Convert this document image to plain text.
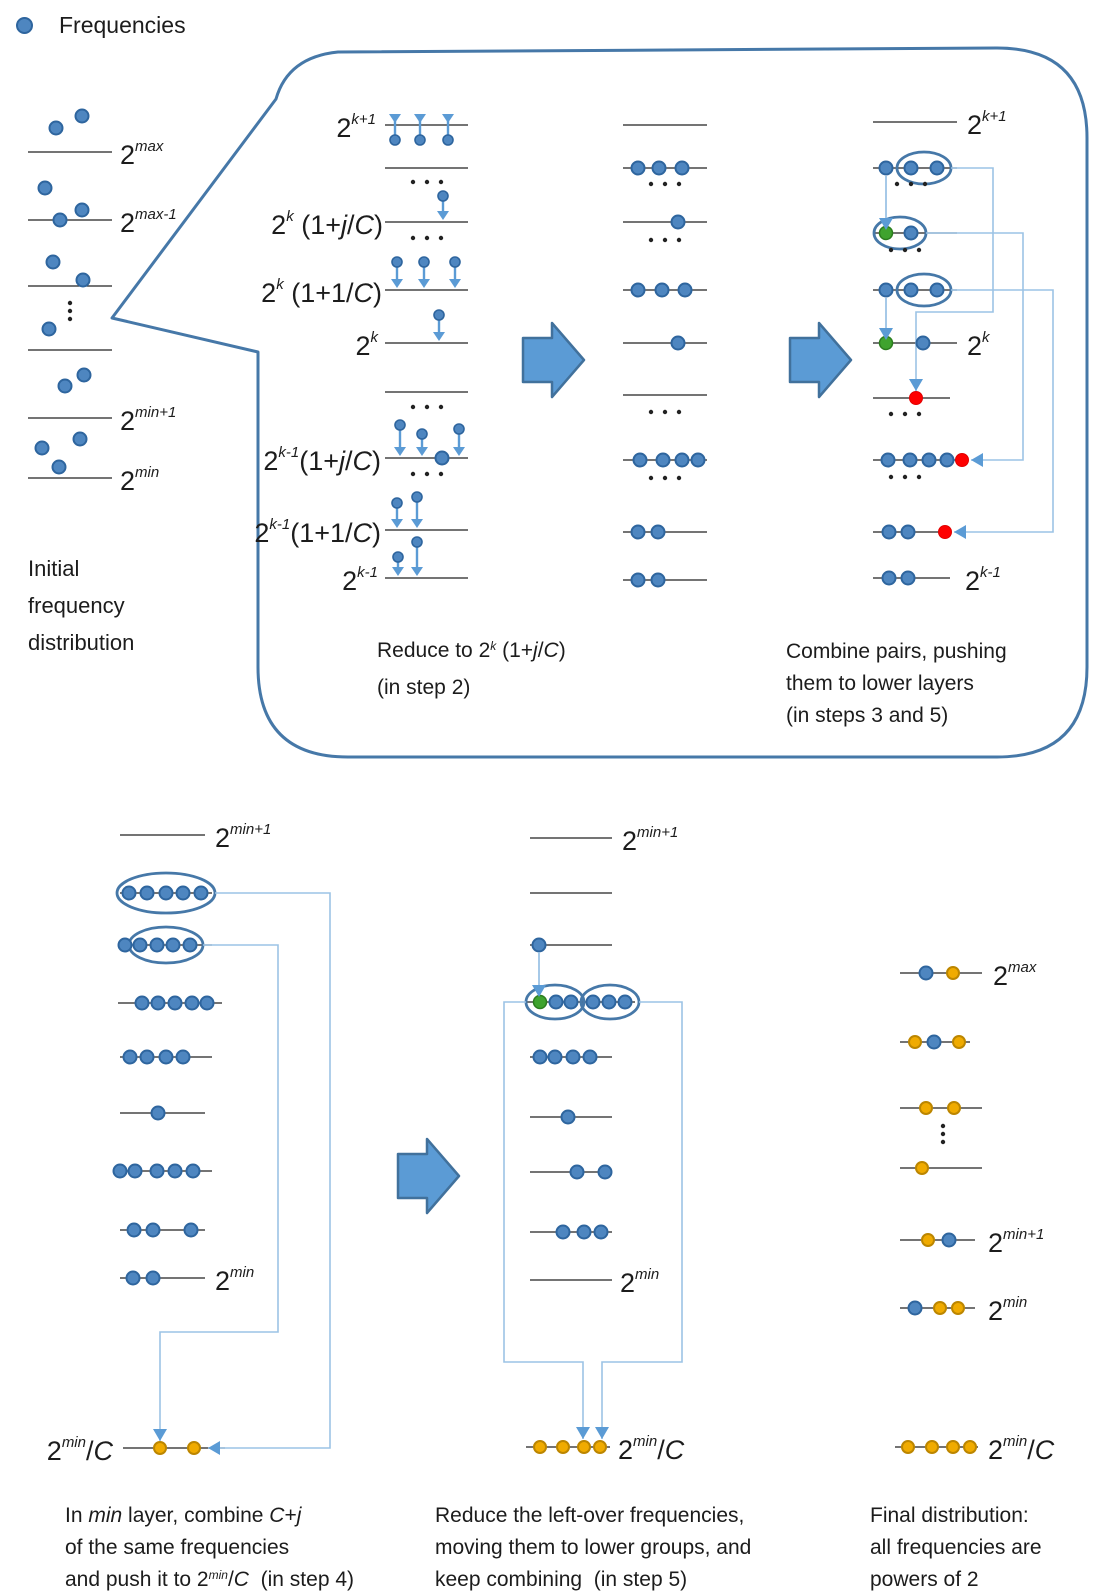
Frequencies
$2^{max}$
$2^{max-1}$
$2^{min+1}$
$2^{min}$
$2^{k+1}$
2$^k$ (1+j/C)
2$^k$ (1+1/C)
2$^k$
$2^{k-1}(1+j/C)$
$2^{k-1}(1+1/C)$
2$^{k-1}$
$2^{k+1}$
2$^k$
2$^{k-1}$
$2^{min+1}$
$2^{min}$
$2^{min}/C$
$2^{min+1}$
$2^{min}$
$2^{min}/C$
$2^{max}$
$2^{min+1}$
$2^{min}$
$2^{min}/C$
Initial
frequency
distribution	Reduce to 2$^k$ (1+j/C)
(in step 2)
Combine pairs, pushing
them to lower layers
(in steps 3 and 5)
In min layer, combine C+j
of the same frequencies
and push it to $2^{min}/C$  (in step 4)
Reduce the left-over frequencies,
moving them to lower groups, and
keep combining  (in step 5)
Final distribution:
all frequencies are
powers of 2
